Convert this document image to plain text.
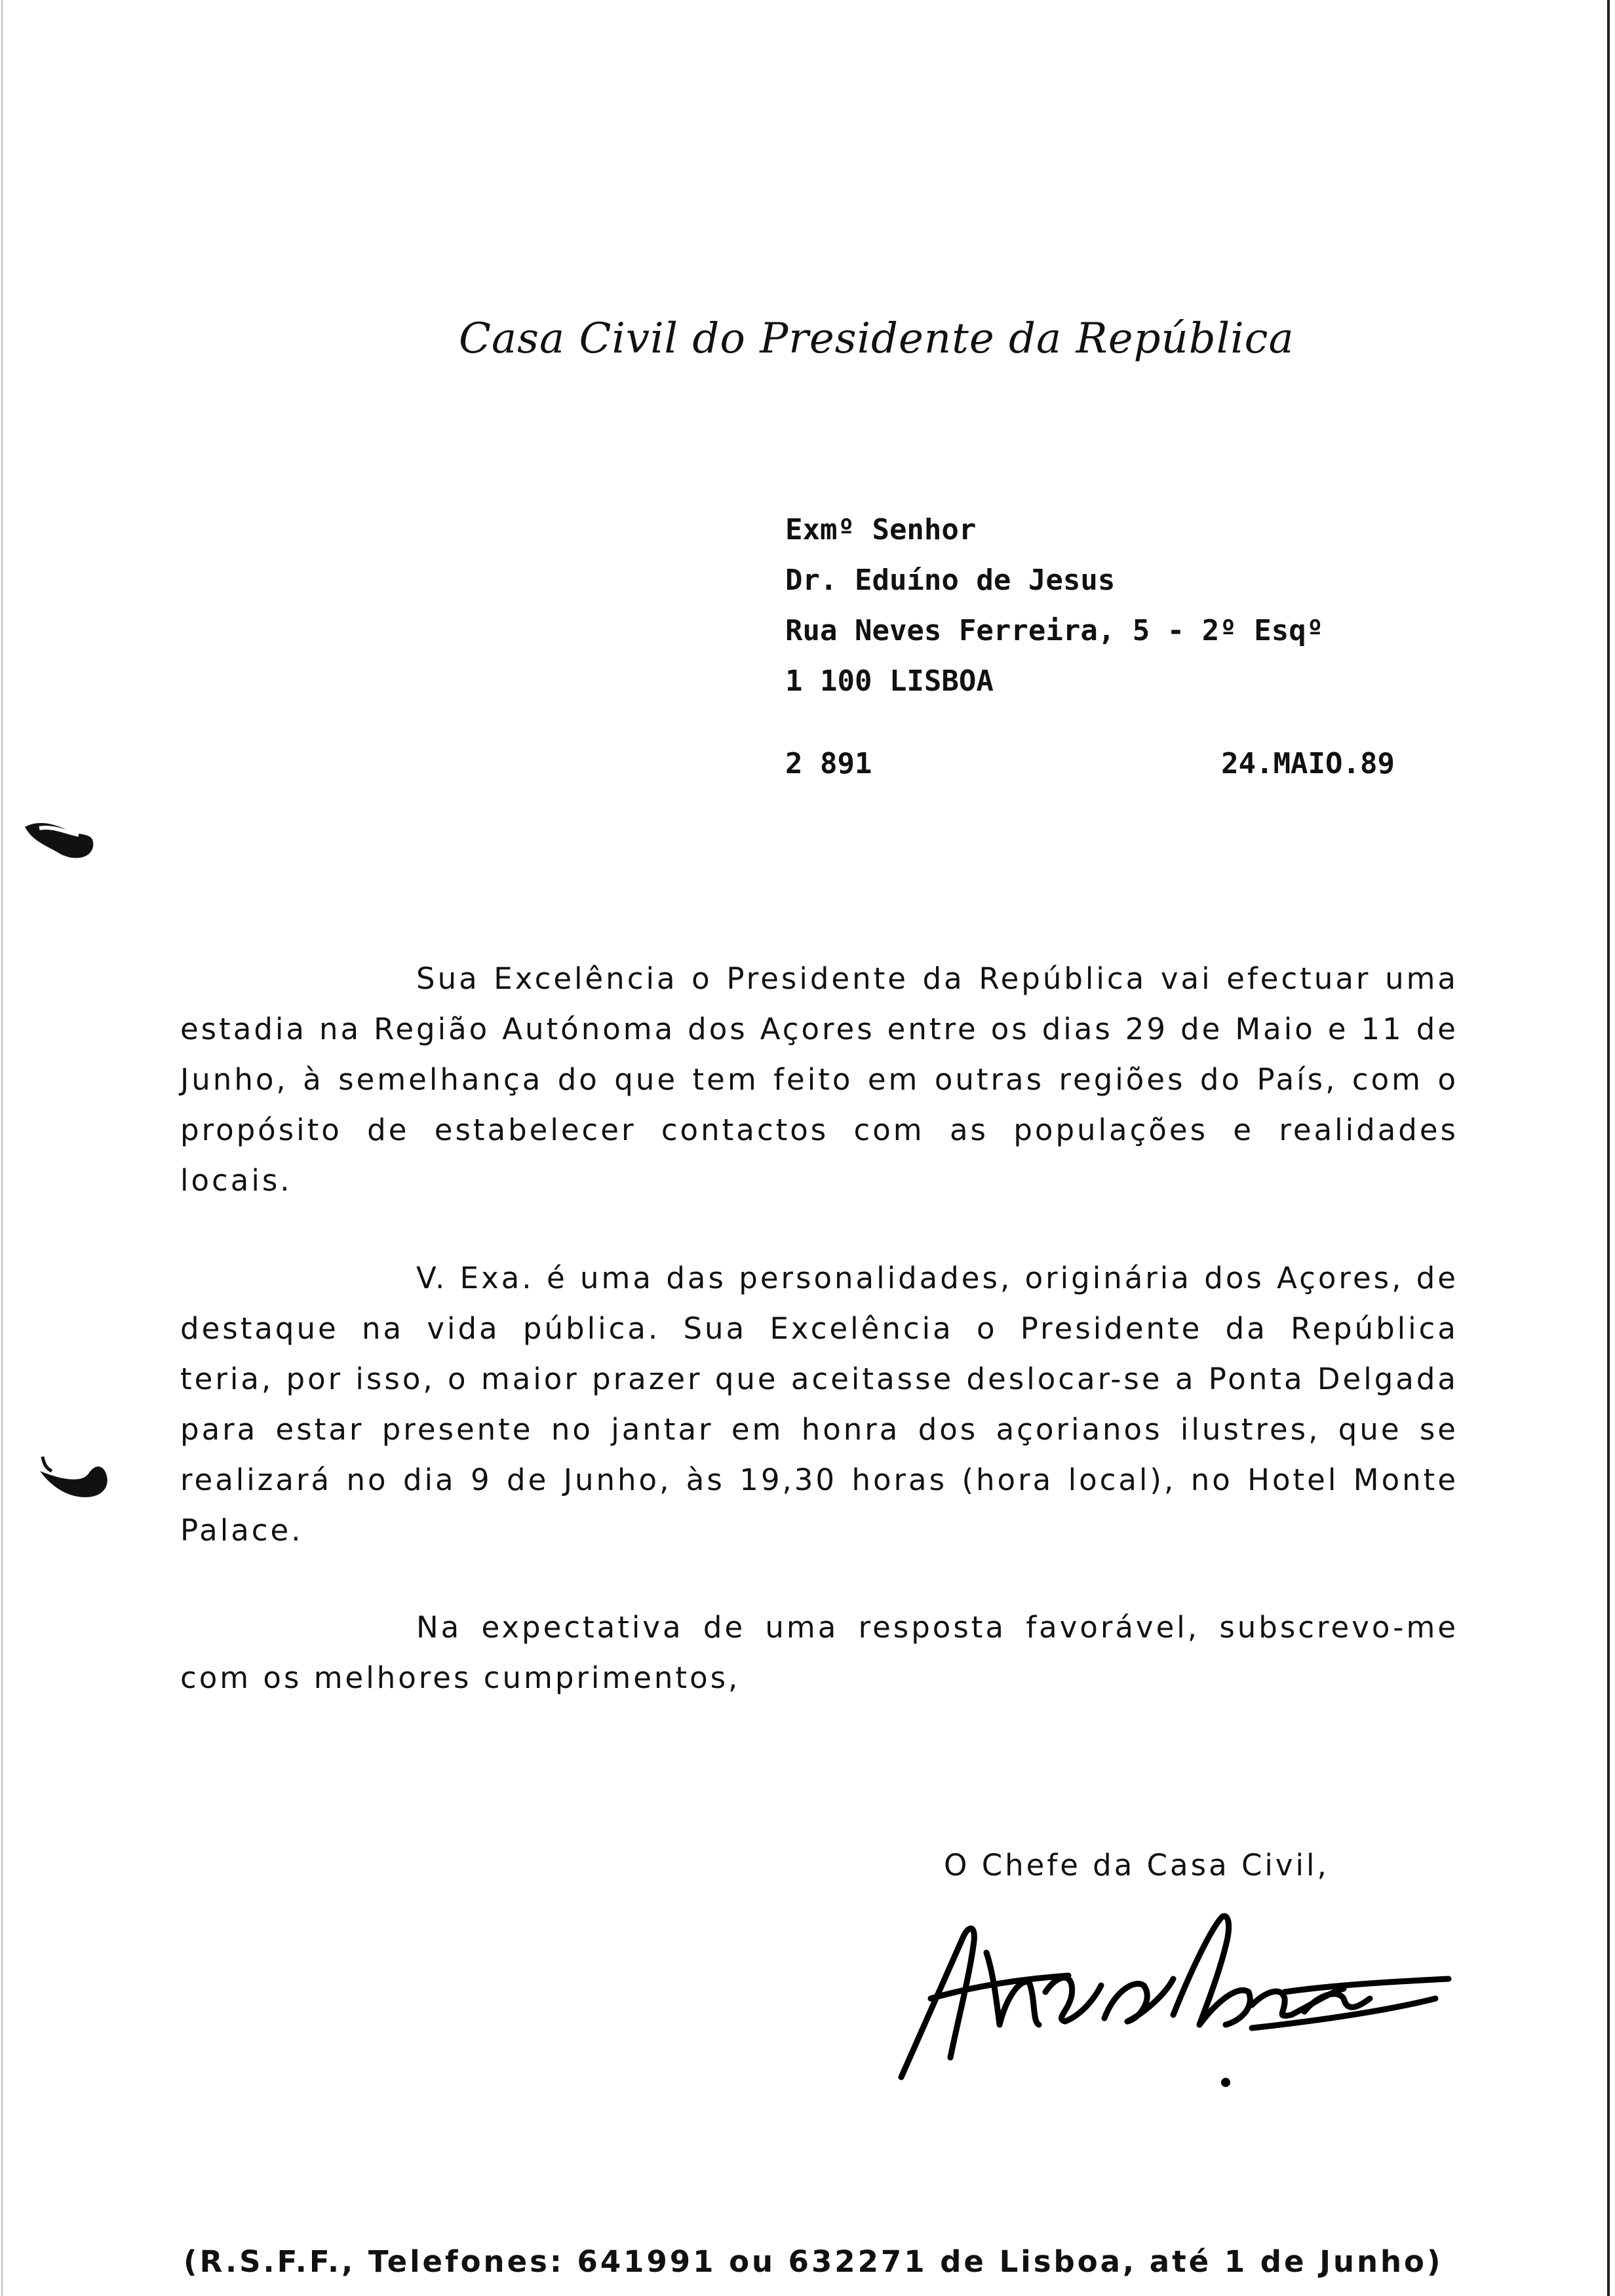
Casa Civil do Presidente da República
Exmº Senhor
Dr. Eduíno de Jesus
Rua Neves Ferreira, 5 - 2º Esqº
1 100 LISBOA
2 891	24.MAIO.89
Sua Excelência o Presidente da República vai efectuar uma estadia na Região Autónoma dos Açores entre os dias 29 de Maio e 11 de Junho, à semelhança do que tem feito em outras regiões do País, com o propósito de estabelecer contactos com as populações e realidades locais.
V. Exa. é uma das personalidades, originária dos Açores, de destaque na vida pública. Sua Excelência o Presidente da República teria, por isso, o maior prazer que aceitasse deslocar-se a Ponta Delgada para estar presente no jantar em honra dos açorianos ilustres, que se realizará no dia 9 de Junho, às 19,30 horas (hora local), no Hotel Monte Palace.
Na expectativa de uma resposta favorável, subscrevo-me com os melhores cumprimentos,
O Chefe da Casa Civil,
(R.S.F.F., Telefones: 641991 ou 632271 de Lisboa, até 1 de Junho)
